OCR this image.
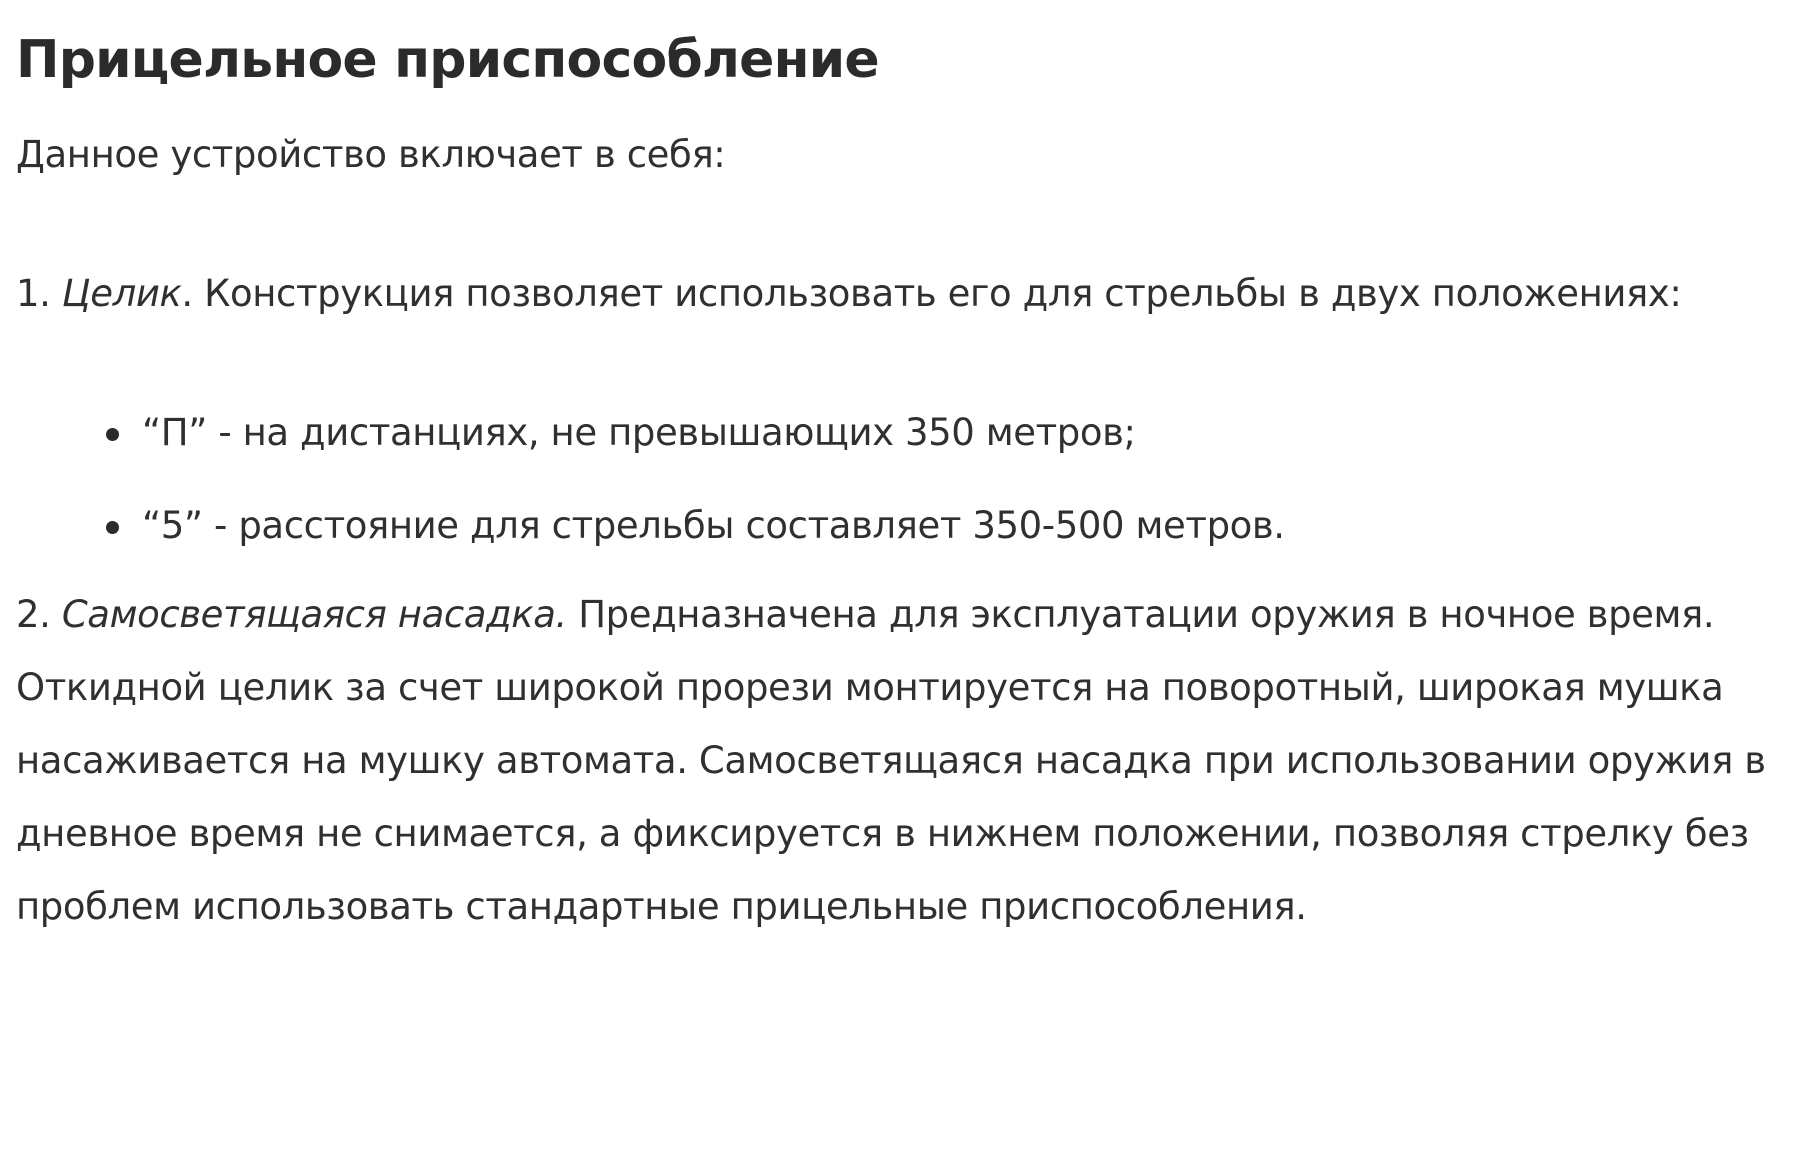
Прицельное приспособление

Данное устройство включает в себя:

1. Целик. Конструкция позволяет использовать его для стрельбы в двух положениях:

“П” - на дистанциях, не превышающих 350 метров;
“5” - расстояние для стрельбы составляет 350-500 метров.

2. Самосветящаяся насадка. Предназначена для эксплуатации оружия в ночное время. Откидной целик за счет широкой прорези монтируется на поворотный, широкая мушка насаживается на мушку автомата. Самосветящаяся насадка при использовании оружия в дневное время не снимается, а фиксируется в нижнем положении, позволяя стрелку без проблем использовать стандартные прицельные приспособления.
